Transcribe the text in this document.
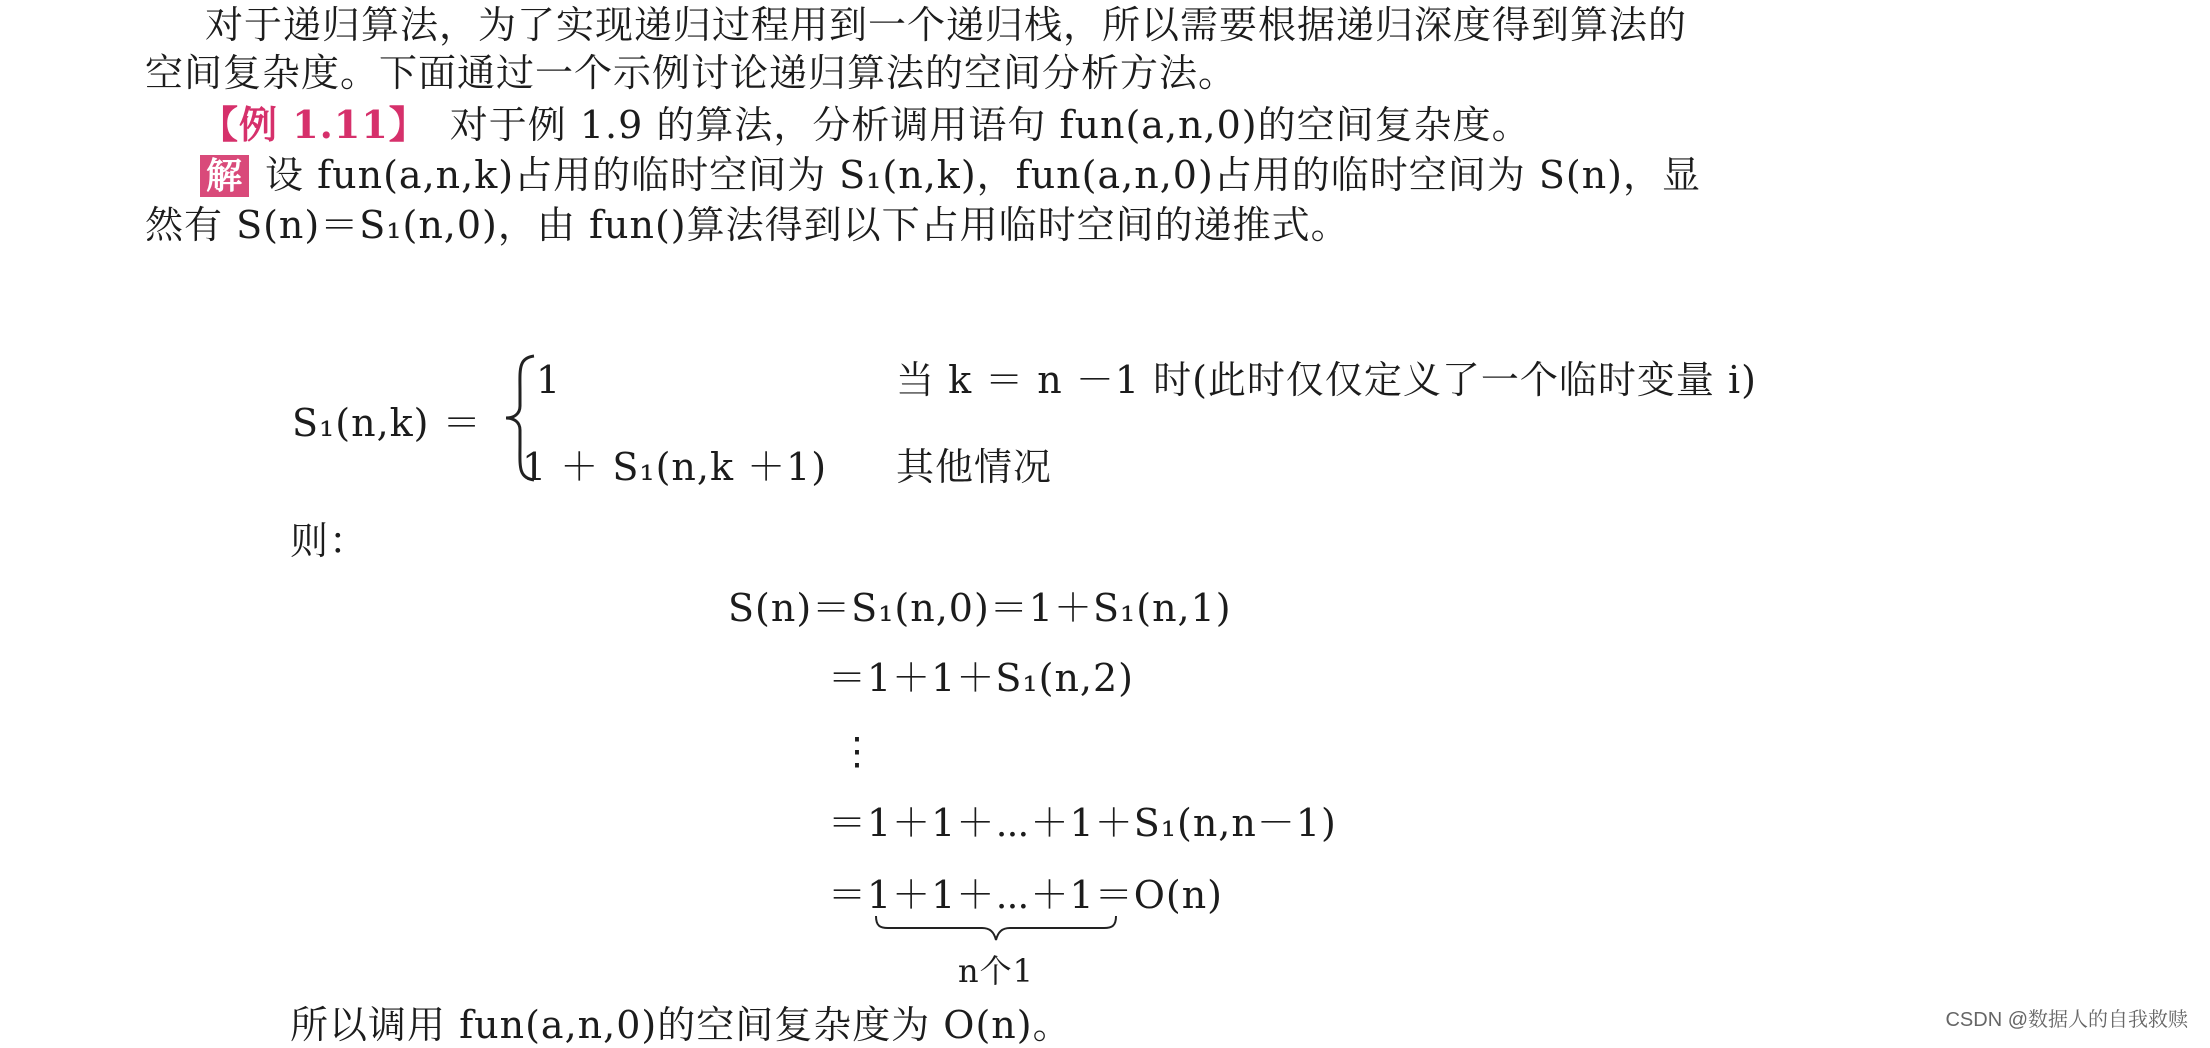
对于递归算法，为了实现递归过程用到一个递归栈，所以需要根据递归深度得到算法的
空间复杂度。下面通过一个示例讨论递归算法的空间分析方法。
【例 1.11】 对于例 1.9 的算法，分析调用语句 fun(a,n,0)的空间复杂度。
解 设 fun(a,n,k)占用的临时空间为 S₁(n,k)，fun(a,n,0)占用的临时空间为 S(n)，显
然有 S(n)＝S₁(n,0)，由 fun()算法得到以下占用临时空间的递推式。
S₁(n,k) ＝
1	当 k ＝ n －1 时(此时仅仅定义了一个临时变量 i)
1 ＋ S₁(n,k ＋1) 其他情况
则：
S(n)＝S₁(n,0)＝1＋S₁(n,1)
＝1＋1＋S₁(n,2)
⋮
＝1＋1＋⋯＋1＋S₁(n,n－1)
＝1＋1＋⋯＋1＝O(n)
n个1
所以调用 fun(a,n,0)的空间复杂度为 O(n)。	CSDN @数据人的自我救赎
